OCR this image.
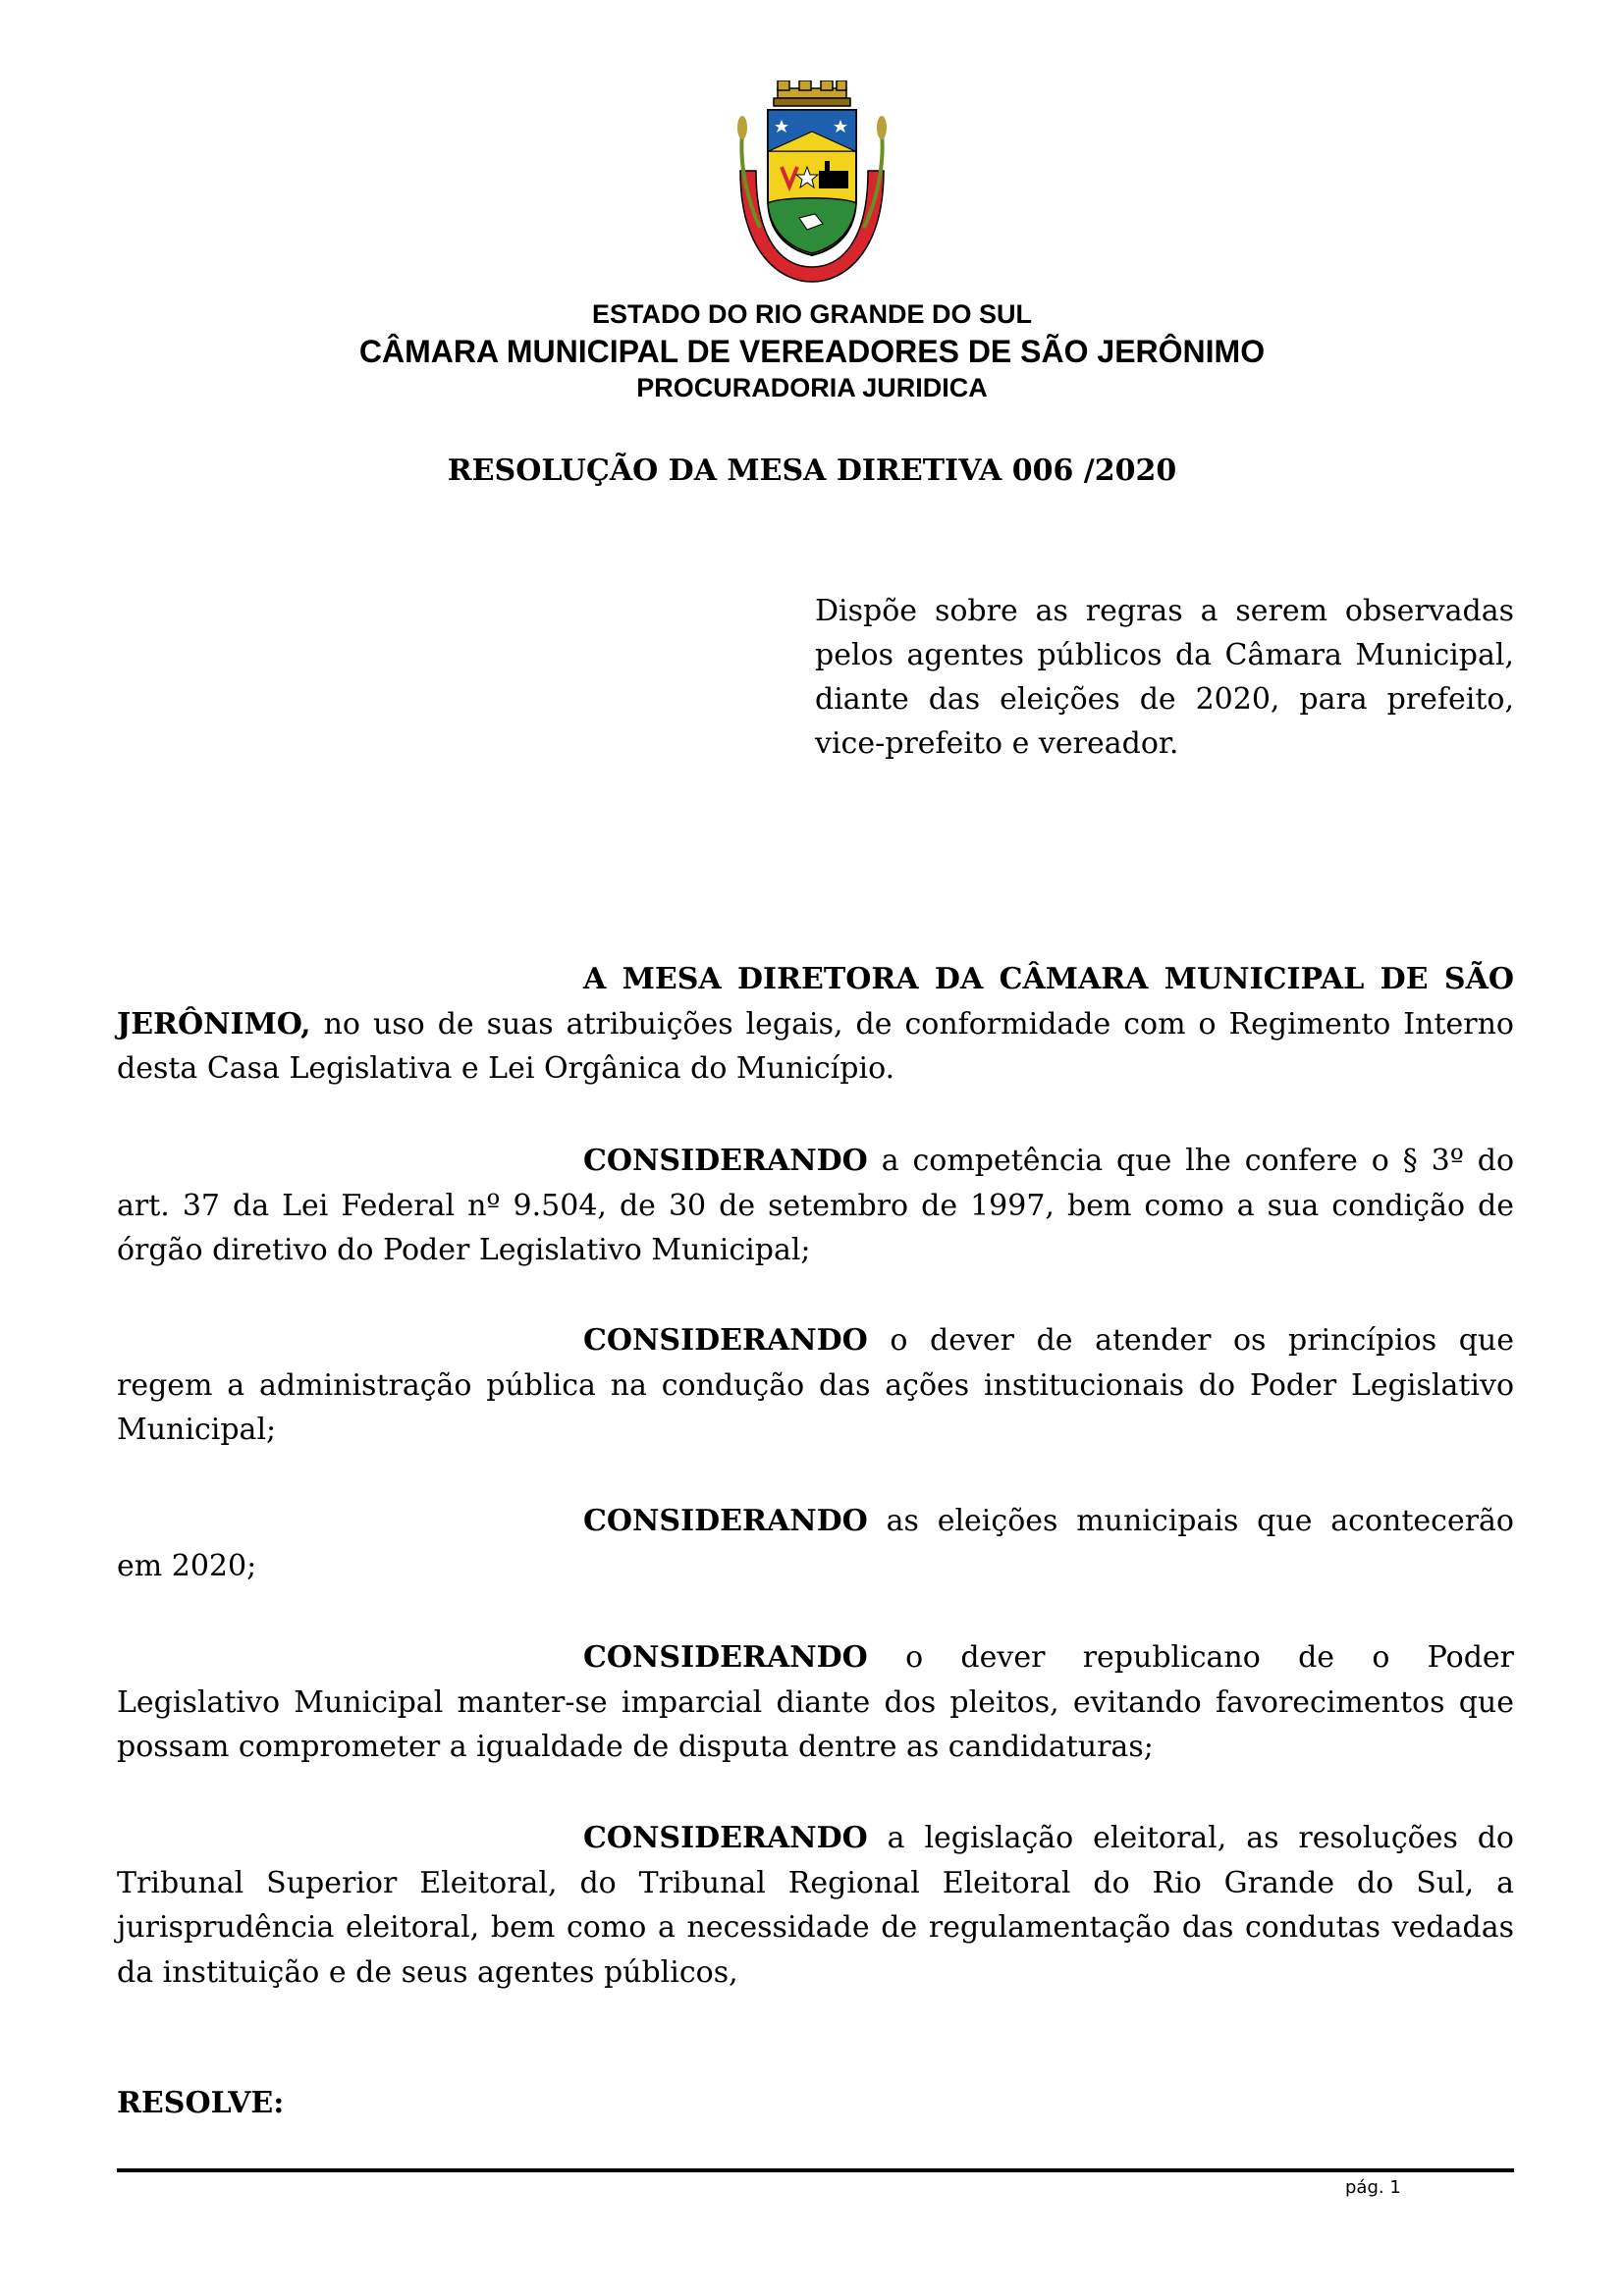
ESTADO DO RIO GRANDE DO SUL
CÂMARA MUNICIPAL DE VEREADORES DE SÃO JERÔNIMO
PROCURADORIA JURIDICA
RESOLUÇÃO DA MESA DIRETIVA 006 /2020
Dispõe sobre as regras a serem observadas pelos agentes públicos da Câmara Municipal, diante das eleições de 2020, para prefeito, vice-prefeito e vereador.

A MESA DIRETORA DA CÂMARA MUNICIPAL DE SÃO JERÔNIMO, no uso de suas atribuições legais, de conformidade com o Regimento Interno desta Casa Legislativa e Lei Orgânica do Município.

CONSIDERANDO a competência que lhe confere o § 3º do art. 37 da Lei Federal nº 9.504, de 30 de setembro de 1997, bem como a sua condição de órgão diretivo do Poder Legislativo Municipal;

CONSIDERANDO o dever de atender os princípios que regem a administração pública na condução das ações institucionais do Poder Legislativo Municipal;

CONSIDERANDO as eleições municipais que acontecerão em 2020;

CONSIDERANDO o dever republicano de o Poder Legislativo Municipal manter-se imparcial diante dos pleitos, evitando favorecimentos que possam comprometer a igualdade de disputa dentre as candidaturas;

CONSIDERANDO a legislação eleitoral, as resoluções do Tribunal Superior Eleitoral, do Tribunal Regional Eleitoral do Rio Grande do Sul, a jurisprudência eleitoral, bem como a necessidade de regulamentação das condutas vedadas da instituição e de seus agentes públicos,

RESOLVE:
pág. 1
